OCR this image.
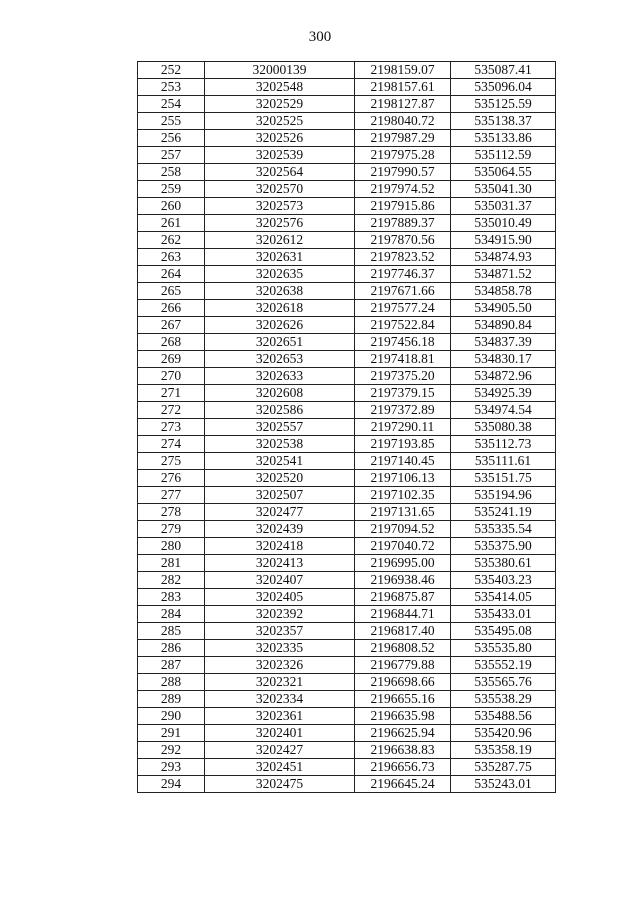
300
252	32000139	2198159.07	535087.41
253	3202548	2198157.61	535096.04
254	3202529	2198127.87	535125.59
255	3202525	2198040.72	535138.37
256	3202526	2197987.29	535133.86
257	3202539	2197975.28	535112.59
258	3202564	2197990.57	535064.55
259	3202570	2197974.52	535041.30
260	3202573	2197915.86	535031.37
261	3202576	2197889.37	535010.49
262	3202612	2197870.56	534915.90
263	3202631	2197823.52	534874.93
264	3202635	2197746.37	534871.52
265	3202638	2197671.66	534858.78
266	3202618	2197577.24	534905.50
267	3202626	2197522.84	534890.84
268	3202651	2197456.18	534837.39
269	3202653	2197418.81	534830.17
270	3202633	2197375.20	534872.96
271	3202608	2197379.15	534925.39
272	3202586	2197372.89	534974.54
273	3202557	2197290.11	535080.38
274	3202538	2197193.85	535112.73
275	3202541	2197140.45	535111.61
276	3202520	2197106.13	535151.75
277	3202507	2197102.35	535194.96
278	3202477	2197131.65	535241.19
279	3202439	2197094.52	535335.54
280	3202418	2197040.72	535375.90
281	3202413	2196995.00	535380.61
282	3202407	2196938.46	535403.23
283	3202405	2196875.87	535414.05
284	3202392	2196844.71	535433.01
285	3202357	2196817.40	535495.08
286	3202335	2196808.52	535535.80
287	3202326	2196779.88	535552.19
288	3202321	2196698.66	535565.76
289	3202334	2196655.16	535538.29
290	3202361	2196635.98	535488.56
291	3202401	2196625.94	535420.96
292	3202427	2196638.83	535358.19
293	3202451	2196656.73	535287.75
294	3202475	2196645.24	535243.01
